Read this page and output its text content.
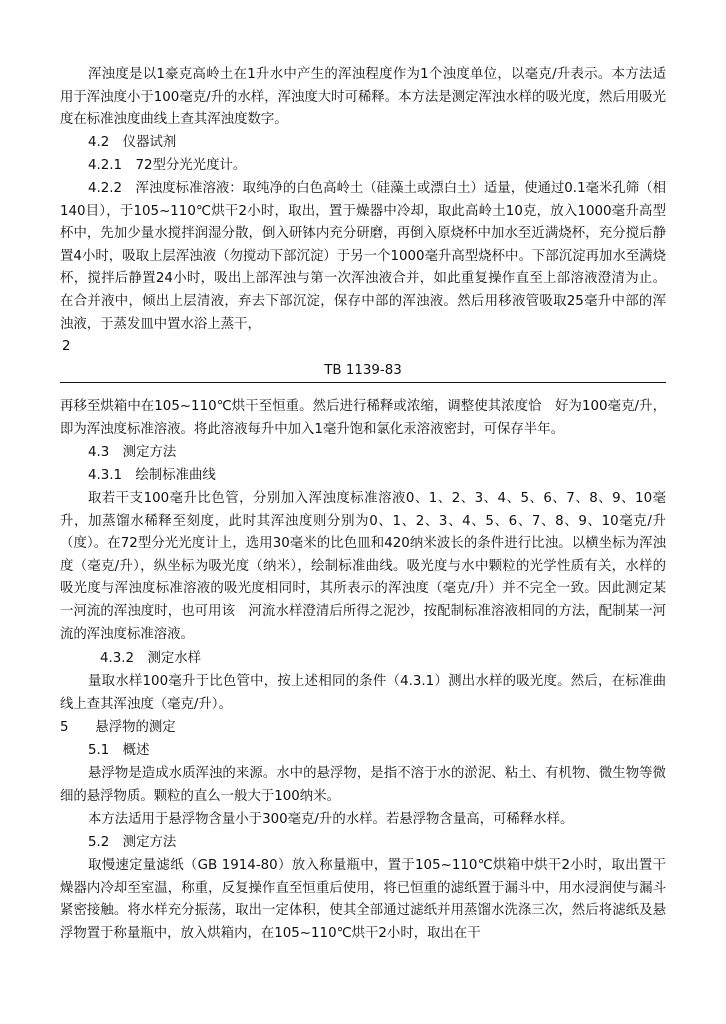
浑浊度是以1豪克高岭土在1升水中产生的浑浊程度作为1个浊度单位，以毫克/升表示。本方法适用于浑浊度小于100毫克/升的水样，浑浊度大时可稀释。本方法是测定浑浊水样的吸光度，然后用吸光度在标准浊度曲线上查其浑浊度数字。

4.2　仪器试剂
4.2.1　72型分光光度计。

4.2.2　浑浊度标准溶液：取纯净的白色高岭土（硅藻土或漂白土）适量，使通过0.1毫米孔筛（相140目），于105~110℃烘干2小时，取出，置于燥器中冷却，取此高岭土10克，放入1000毫升高型杯中，先加少量水搅拌润湿分散，倒入研钵内充分研磨，再倒入原烧杯中加水至近满烧杯，充分搅后静置4小时，吸取上层浑浊液（勿搅动下部沉淀）于另一个1000毫升高型烧杯中。下部沉淀再加水至满烧杯，搅拌后静置24小时，吸出上部浑浊与第一次浑浊液合并，如此重复操作直至上部溶液澄清为止。在合并液中，倾出上层清液，弃去下部沉淀，保存中部的浑浊液。然后用移液管吸取25毫升中部的浑浊液，于蒸发皿中置水浴上蒸干，

2
TB 1139-83

再移至烘箱中在105~110℃烘干至恒重。然后进行稀释或浓缩，调整使其浓度恰　好为100毫克/升，即为浑浊度标准溶液。将此溶液每升中加入1毫升饱和氯化汞溶液密封，可保存半年。

4.3　测定方法
4.3.1　绘制标准曲线

取若干支100毫升比色管，分别加入浑浊度标准溶液0、1、2、3、4、5、6、7、8、9、10毫升，加蒸馏水稀释至刻度，此时其浑浊度则分别为0、1、2、3、4、5、6、7、8、9、10毫克/升（度）。在72型分光光度计上，选用30毫米的比色皿和420纳米波长的条件进行比浊。以横坐标为浑浊度（毫克/升），纵坐标为吸光度（纳米），绘制标准曲线。吸光度与水中颗粒的光学性质有关，水样的吸光度与浑浊度标准溶液的吸光度相同时，其所表示的浑浊度（毫克/升）并不完全一致。因此测定某一河流的浑浊度时，也可用该　河流水样澄清后所得之泥沙，按配制标准溶液相同的方法，配制某一河流的浑浊度标准溶液。

4.3.2　测定水样

量取水样100毫升于比色管中，按上述相同的条件（4.3.1）测出水样的吸光度。然后，在标准曲线上查其浑浊度（毫克/升）。

5　　悬浮物的测定
5.1　概述

悬浮物是造成水质浑浊的来源。水中的悬浮物，是指不溶于水的淤泥、粘土、有机物、微生物等微细的悬浮物质。颗粒的直么一般大于100纳米。

本方法适用于悬浮物含量小于300毫克/升的水样。若悬浮物含量高，可稀释水样。

5.2　测定方法

取慢速定量滤纸（GB 1914-80）放入称量瓶中，置于105~110℃烘箱中烘干2小时，取出置干燥器内冷却至室温，称重，反复操作直至恒重后使用，将已恒重的滤纸置于漏斗中，用水浸润使与漏斗紧密接触。将水样充分振荡，取出一定体积，使其全部通过滤纸并用蒸馏水洗涤三次，然后将滤纸及悬浮物置于称量瓶中，放入烘箱内，在105~110℃烘干2小时，取出在干
